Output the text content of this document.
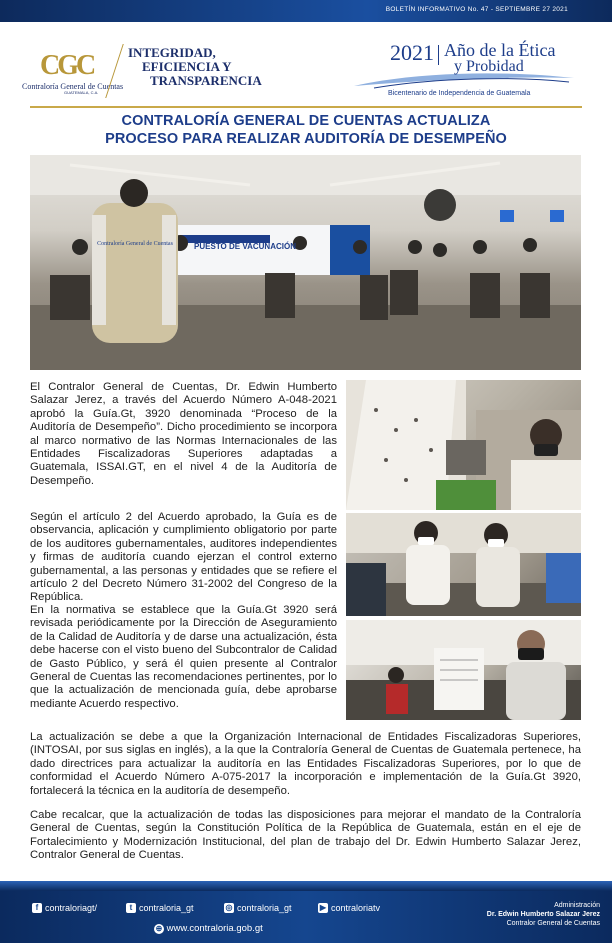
BOLETÍN INFORMATIVO No. 47 - SEPTIEMBRE 27 2021
CGC
Contraloría General de Cuentas
GUATEMALA, C.A.
INTEGRIDAD,
EFICIENCIA Y
TRANSPARENCIA
2021 Año de la Ética
y Probidad
Bicentenario de Independencia de Guatemala
CONTRALORÍA GENERAL DE CUENTAS ACTUALIZA
PROCESO PARA REALIZAR AUDITORÍA DE DESEMPEÑO
Contraloría General de Cuentas	PUESTO DE VACUNACIÓN
El Contralor General de Cuentas, Dr. Edwin Humberto Salazar Jerez, a través del Acuerdo Número A-048-2021 aprobó la Guía.Gt, 3920 denominada “Proceso de la Auditoría de Desempeño”. Dicho procedimiento se incorpora al marco normativo de las Normas Internacionales de las Entidades Fiscalizadoras Superiores adaptadas a Guatemala, ISSAI.GT, en el nivel 4 de la Auditoría de Desempeño.
Según el artículo 2 del Acuerdo aprobado, la Guía es de observancia, aplicación y cumplimiento obligatorio por parte de los auditores gubernamentales, auditores independientes y firmas de auditoría cuando ejerzan el control externo gubernamental, a las personas y entidades que se refiere el artículo 2 del Decreto Número 31-2002 del Congreso de la República.
En la normativa se establece que la Guía.Gt 3920 será revisada periódicamente por la Dirección de Aseguramiento de la Calidad de Auditoría y de darse una actualización, ésta debe hacerse con el visto bueno del Subcontralor de Calidad de Gasto Público, y será él quien presente al Contralor General de Cuentas las recomendaciones pertinentes, por lo que la actualización de mencionada guía, debe aprobarse mediante Acuerdo respectivo.
La actualización se debe a que la Organización Internacional de Entidades Fiscalizadoras Superiores, (INTOSAI, por sus siglas en inglés), a la que la Contraloría General de Cuentas de Guatemala pertenece, ha dado directrices para actualizar la auditoría en las Entidades Fiscalizadoras Superiores, por lo que de conformidad el Acuerdo Número A-075-2017 la incorporación e implementación de la Guía.Gt 3920, fortalecerá la técnica en la auditoría de desempeño.
Cabe recalcar, que la actualización de todas las disposiciones para mejorar el mandato de la Contraloría General de Cuentas, según la Constitución Política de la República de Guatemala, están en el eje de Fortalecimiento y Modernización Institucional, del plan de trabajo del Dr. Edwin Humberto Salazar Jerez, Contralor General de Cuentas.
f contraloriagt/	t contraloria_gt	◎ contraloria_gt	▶ contraloriatv
⊕ www.contraloria.gob.gt
Administración
Dr. Edwin Humberto Salazar Jerez
Contralor General de Cuentas
